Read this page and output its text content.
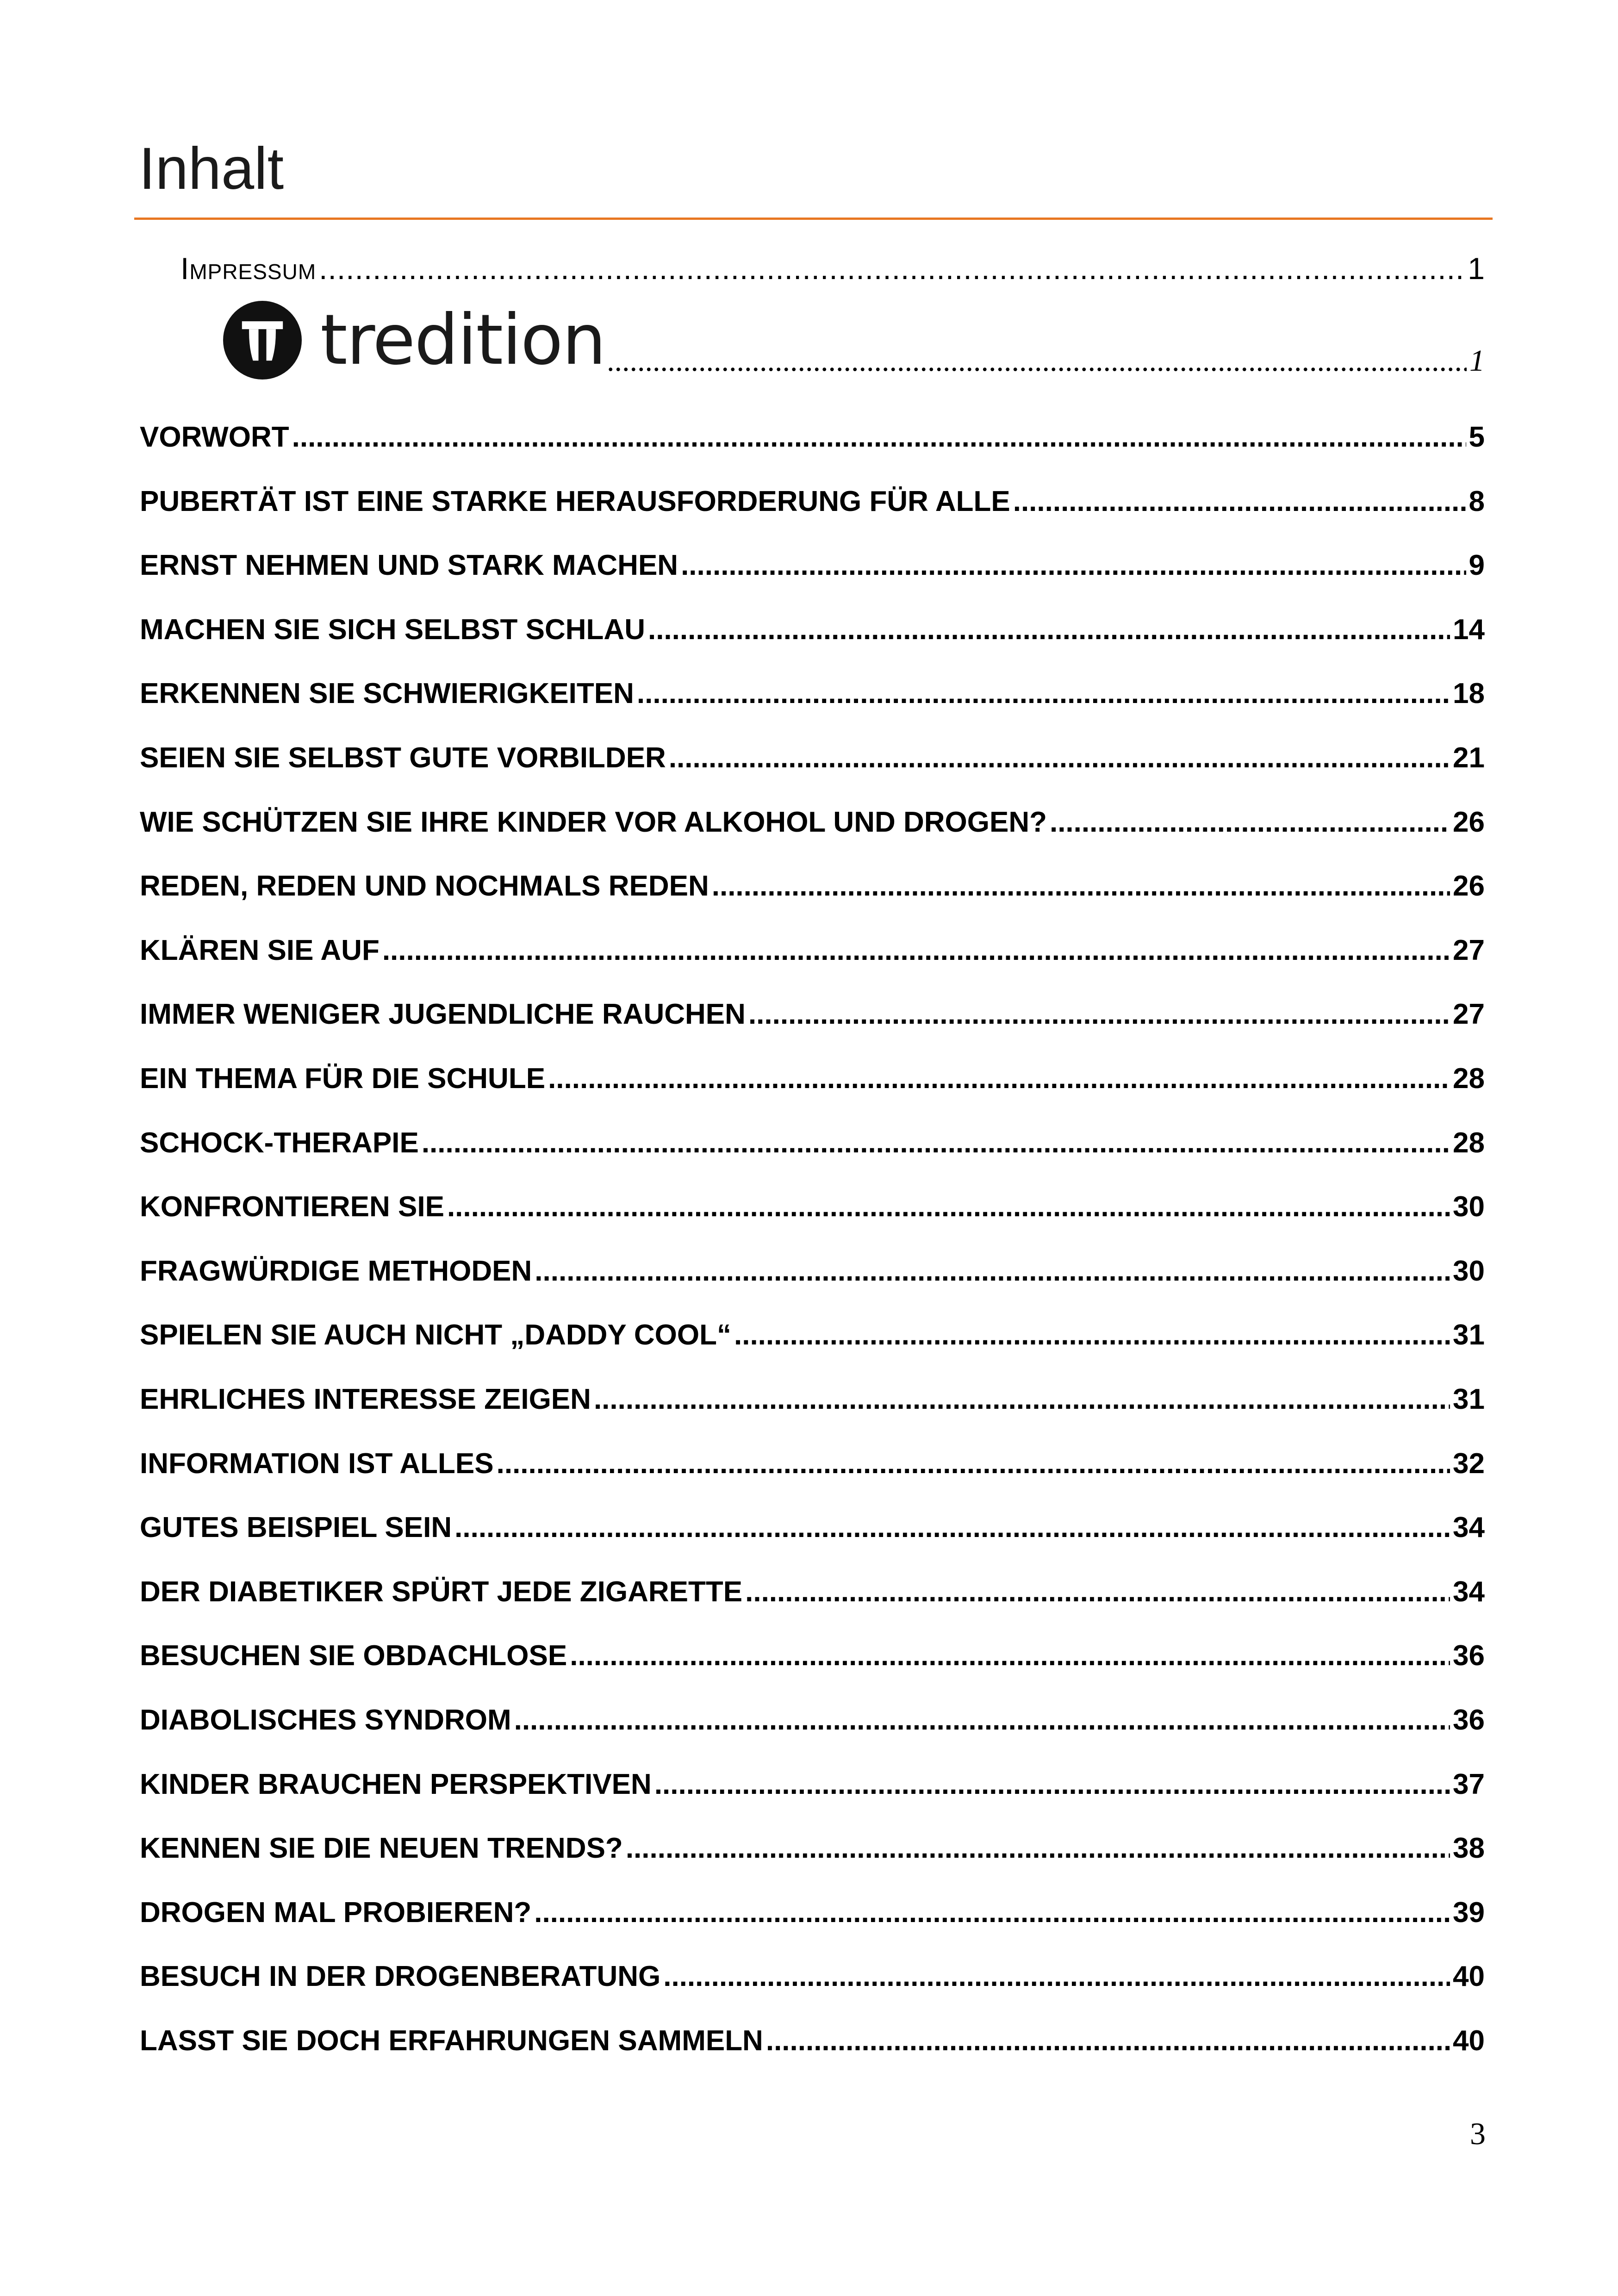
Inhalt
Impressum .....	1
tredition .....	1
VORWORT .....	5
PUBERTÄT IST EINE STARKE HERAUSFORDERUNG FÜR ALLE .....	8
ERNST NEHMEN UND STARK MACHEN .....	9
MACHEN SIE SICH SELBST SCHLAU .....	14
ERKENNEN SIE SCHWIERIGKEITEN .....	18
SEIEN SIE SELBST GUTE VORBILDER .....	21
WIE SCHÜTZEN SIE IHRE KINDER VOR ALKOHOL UND DROGEN? .....	26
REDEN, REDEN UND NOCHMALS REDEN .....	26
KLÄREN SIE AUF .....	27
IMMER WENIGER JUGENDLICHE RAUCHEN .....	27
EIN THEMA FÜR DIE SCHULE .....	28
SCHOCK-THERAPIE .....	28
KONFRONTIEREN SIE .....	30
FRAGWÜRDIGE METHODEN .....	30
SPIELEN SIE AUCH NICHT „DADDY COOL“ .....	31
EHRLICHES INTERESSE ZEIGEN .....	31
INFORMATION IST ALLES .....	32
GUTES BEISPIEL SEIN .....	34
DER DIABETIKER SPÜRT JEDE ZIGARETTE .....	34
BESUCHEN SIE OBDACHLOSE .....	36
DIABOLISCHES SYNDROM .....	36
KINDER BRAUCHEN PERSPEKTIVEN .....	37
KENNEN SIE DIE NEUEN TRENDS? .....	38
DROGEN MAL PROBIEREN? .....	39
BESUCH IN DER DROGENBERATUNG .....	40
LASST SIE DOCH ERFAHRUNGEN SAMMELN .....	40
3
